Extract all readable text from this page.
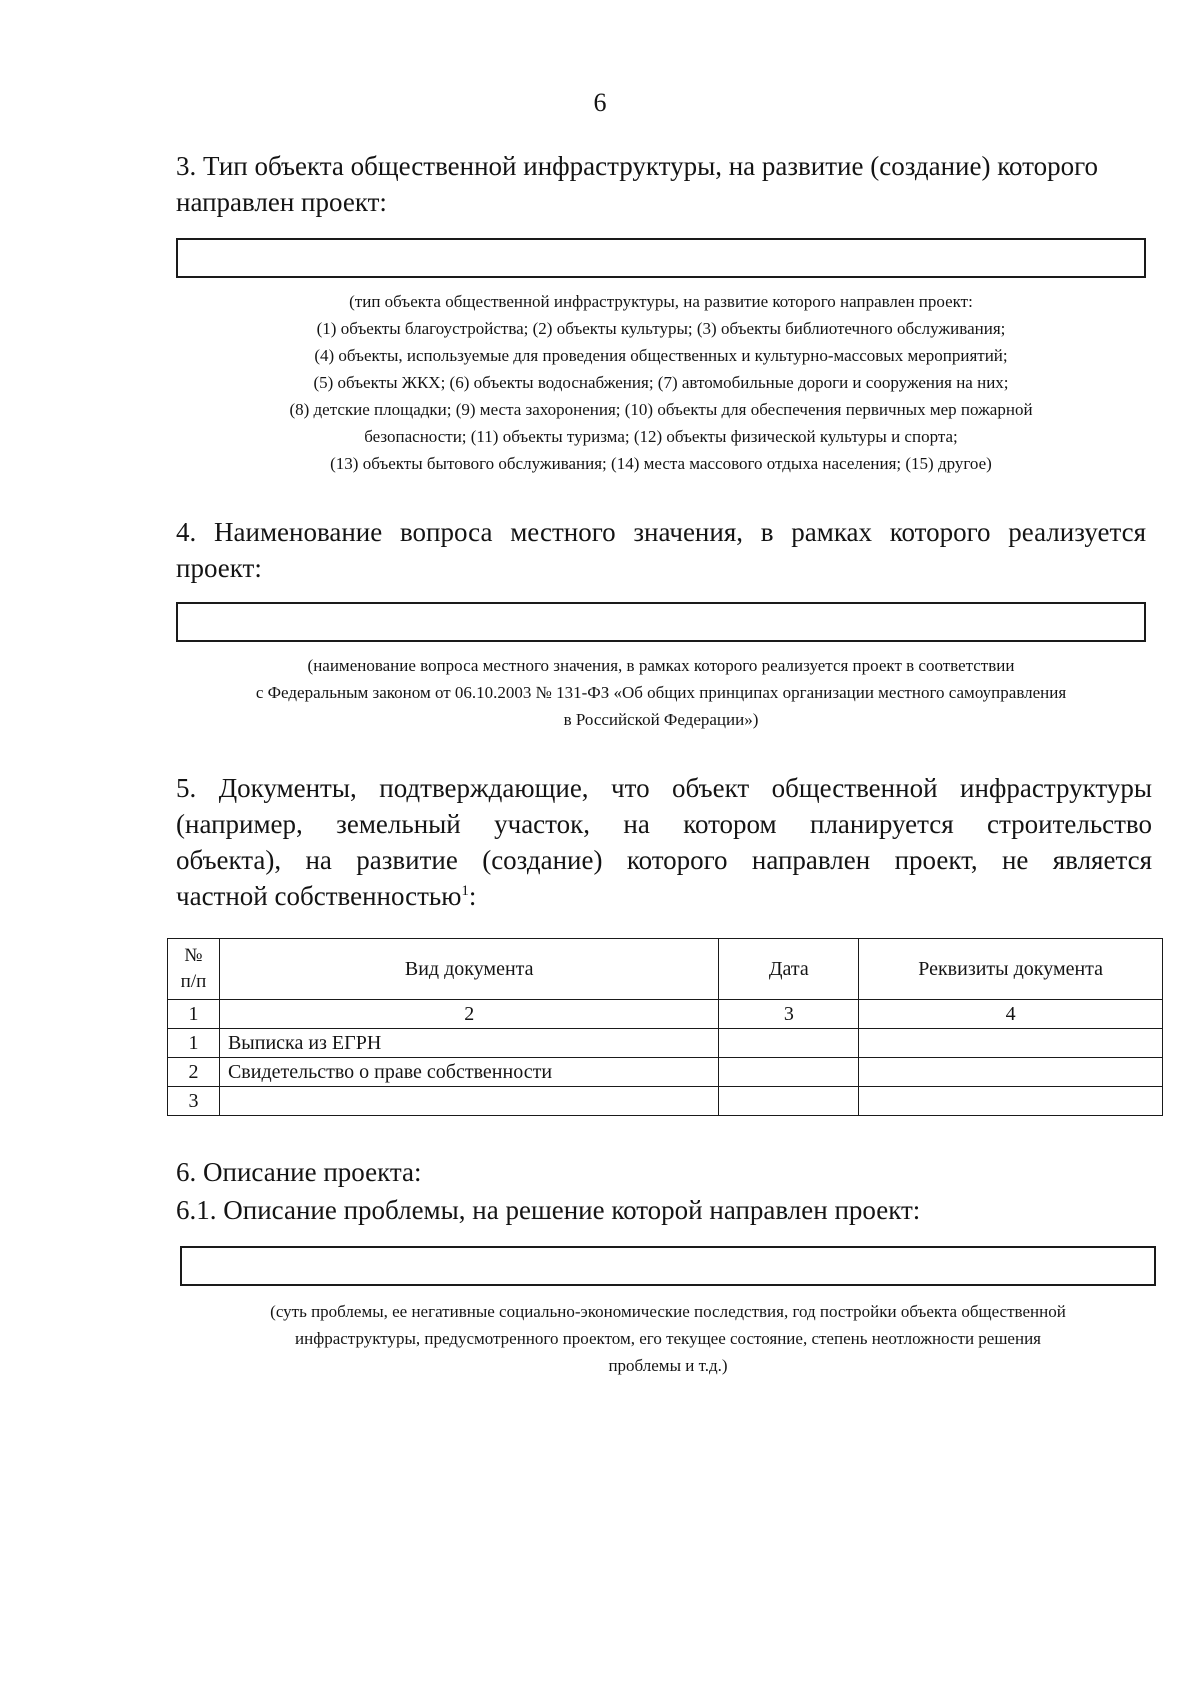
6
3. Тип объекта общественной инфраструктуры, на развитие (создание) которого
направлен проект:
(тип объекта общественной инфраструктуры, на развитие которого направлен проект:
(1) объекты благоустройства; (2) объекты культуры; (3) объекты библиотечного обслуживания;
(4) объекты, используемые для проведения общественных и культурно-массовых мероприятий;
(5) объекты ЖКХ; (6) объекты водоснабжения; (7) автомобильные дороги и сооружения на них;
(8) детские площадки; (9) места захоронения; (10) объекты для обеспечения первичных мер пожарной
безопасности; (11) объекты туризма; (12) объекты физической культуры и спорта;
(13) объекты бытового обслуживания; (14) места массового отдыха населения; (15) другое)
4. Наименование вопроса местного значения, в рамках которого реализуется
проект:
(наименование вопроса местного значения, в рамках которого реализуется проект в соответствии
с Федеральным законом от 06.10.2003 № 131-ФЗ «Об общих принципах организации местного самоуправления
в Российской Федерации»)
5. Документы, подтверждающие, что объект общественной инфраструктуры
(например, земельный участок, на котором планируется строительство
объекта), на развитие (создание) которого направлен проект, не является
частной собственностью$^1$:
№
п/п	Вид документа	Дата	Реквизиты документа
1	2	3	4
1	Выписка из ЕГРН		
2	Свидетельство о праве собственности		
3			
6. Описание проекта:
6.1. Описание проблемы, на решение которой направлен проект:
(суть проблемы, ее негативные социально-экономические последствия, год постройки объекта общественной
инфраструктуры, предусмотренного проектом, его текущее состояние, степень неотложности решения
проблемы и т.д.)
